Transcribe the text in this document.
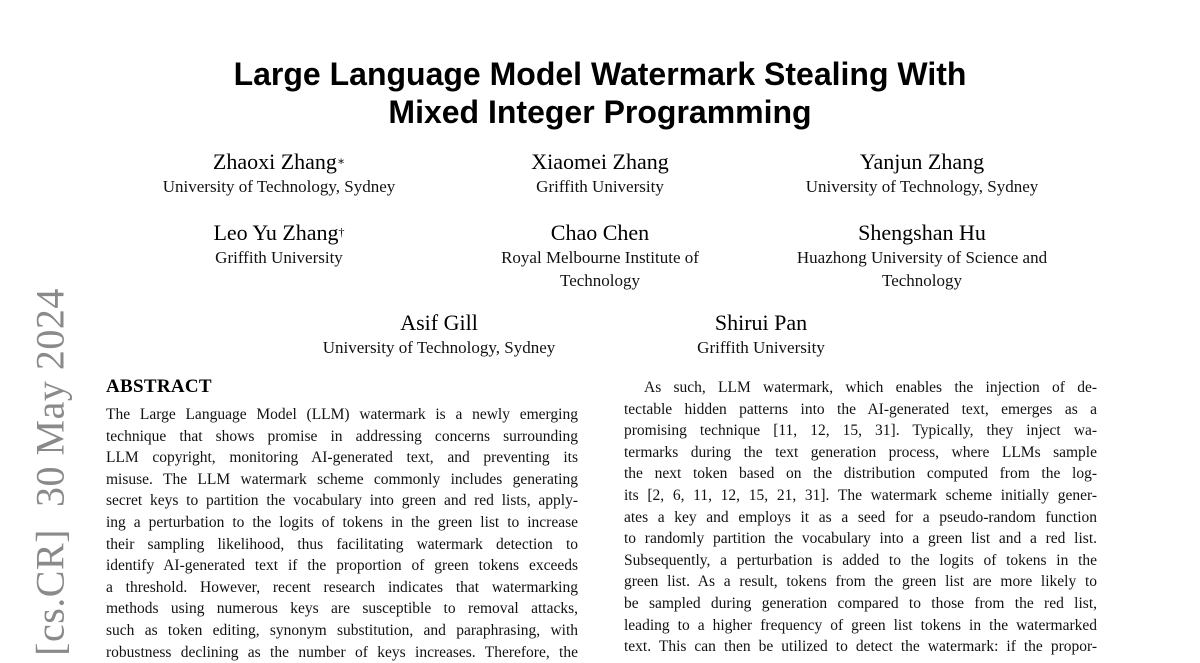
[cs.CR]30 May 2024
Large Language Model Watermark Stealing With
Mixed Integer Programming
Zhaoxi Zhang∗
University of Technology, Sydney
Xiaomei Zhang
Griffith University
Yanjun Zhang
University of Technology, Sydney
Leo Yu Zhang†
Griffith University
Chao Chen
Royal Melbourne Institute of
Technology
Shengshan Hu
Huazhong University of Science and
Technology
Asif Gill
University of Technology, Sydney
Shirui Pan
Griffith University
ABSTRACT
The Large Language Model (LLM) watermark is a newly emerging
technique that shows promise in addressing concerns surrounding
LLM copyright, monitoring AI-generated text, and preventing its
misuse. The LLM watermark scheme commonly includes generating
secret keys to partition the vocabulary into green and red lists, apply-
ing a perturbation to the logits of tokens in the green list to increase
their sampling likelihood, thus facilitating watermark detection to
identify AI-generated text if the proportion of green tokens exceeds
a threshold. However, recent research indicates that watermarking
methods using numerous keys are susceptible to removal attacks,
such as token editing, synonym substitution, and paraphrasing, with
robustness declining as the number of keys increases. Therefore, the
As such, LLM watermark, which enables the injection of de-
tectable hidden patterns into the AI-generated text, emerges as a
promising technique [11, 12, 15, 31]. Typically, they inject wa-
termarks during the text generation process, where LLMs sample
the next token based on the distribution computed from the log-
its [2, 6, 11, 12, 15, 21, 31]. The watermark scheme initially gener-
ates a key and employs it as a seed for a pseudo-random function
to randomly partition the vocabulary into a green list and a red list.
Subsequently, a perturbation is added to the logits of tokens in the
green list. As a result, tokens from the green list are more likely to
be sampled during generation compared to those from the red list,
leading to a higher frequency of green list tokens in the watermarked
text. This can then be utilized to detect the watermark: if the propor-
